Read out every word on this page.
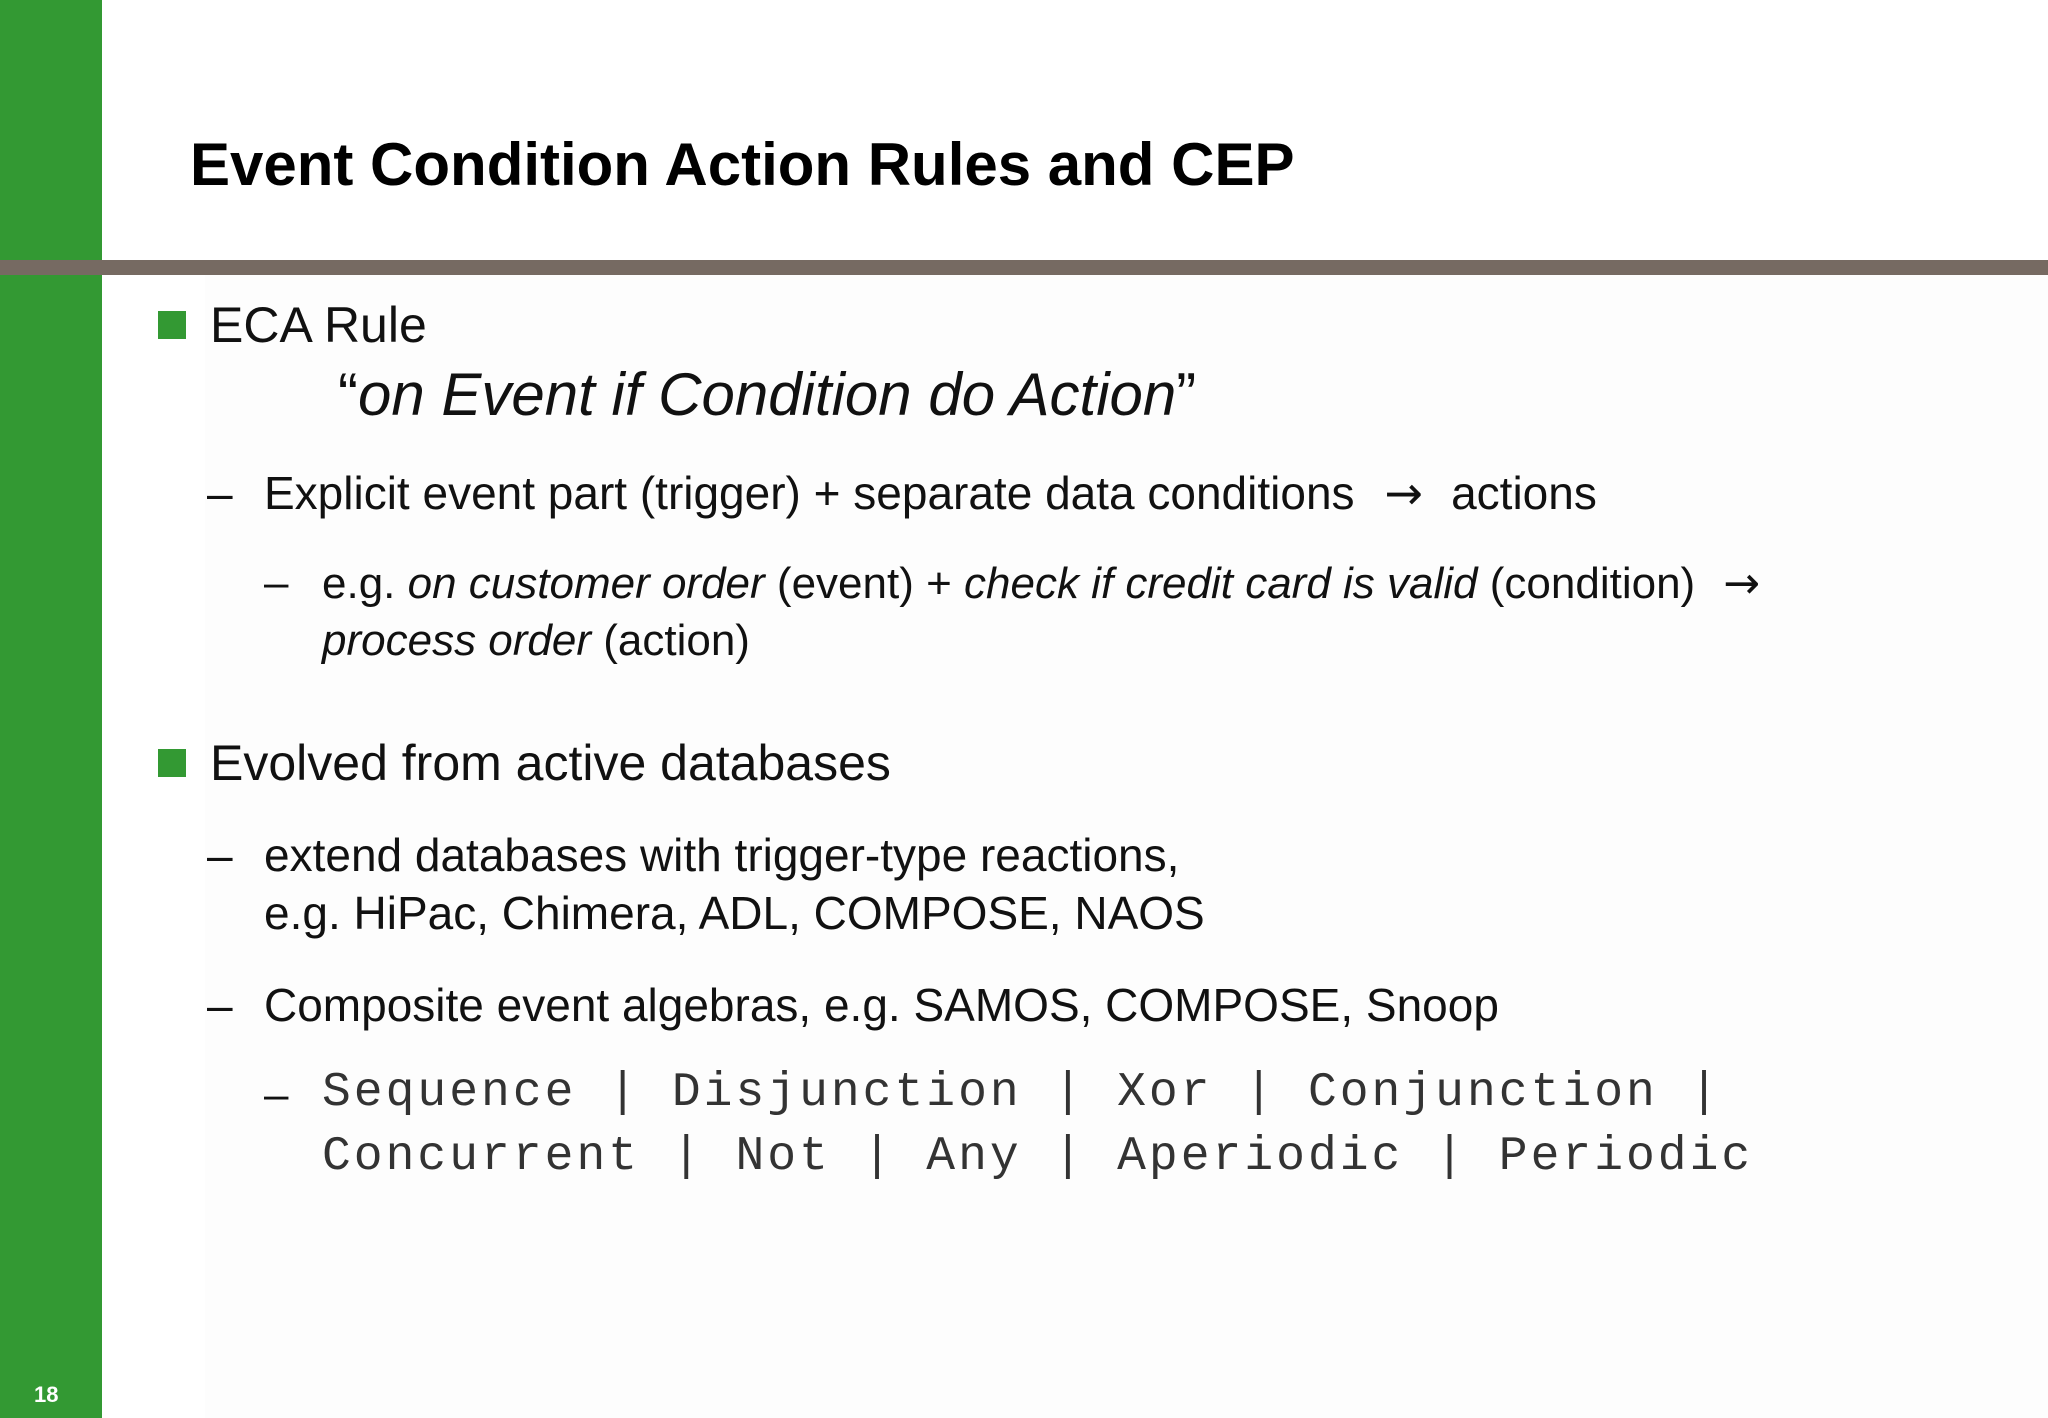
18
Event Condition Action Rules and CEP
ECA Rule
“on Event if Condition do Action”
– Explicit event part (trigger) + separate data conditions → actions
– e.g. on customer order (event) + check if credit card is valid (condition) →
process order (action)
Evolved from active databases
– extend databases with trigger-type reactions,
e.g. HiPac, Chimera, ADL, COMPOSE, NAOS
– Composite event algebras, e.g. SAMOS, COMPOSE, Snoop
– Sequence | Disjunction | Xor | Conjunction |
Concurrent | Not | Any | Aperiodic | Periodic
